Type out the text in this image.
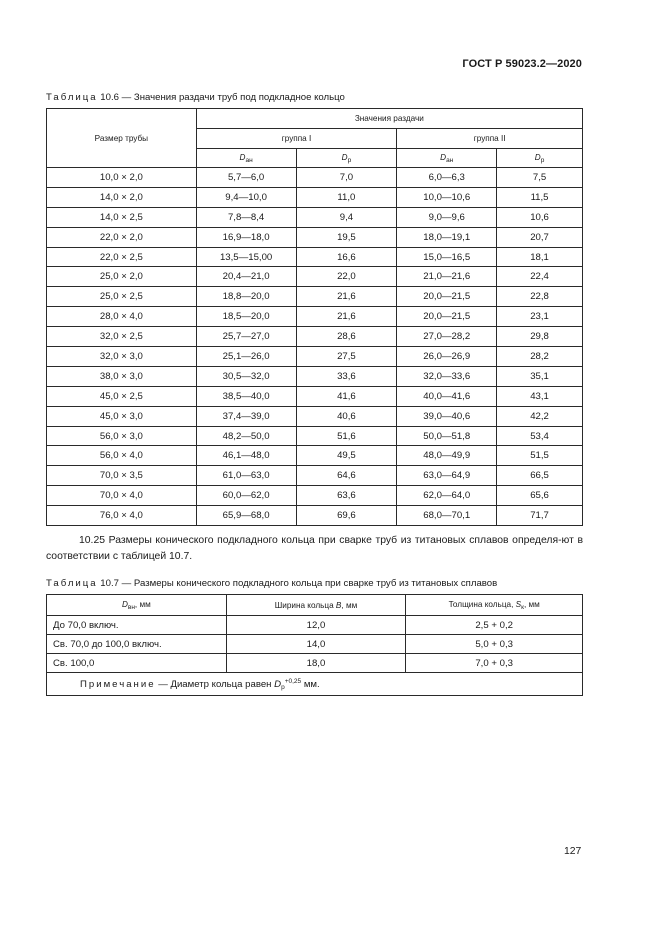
ГОСТ Р 59023.2—2020
Таблица 10.6 — Значения раздачи труб под подкладное кольцо
Размер трубы	Значения раздачи			
	группа I		группа II	
	$D_{ан}$	$D_р$	$D_{ан}$	$D_р$
10,0 × 2,0	5,7—6,0	7,0	6,0—6,3	7,5
14,0 × 2,0	9,4—10,0	11,0	10,0—10,6	11,5
14,0 × 2,5	7,8—8,4	9,4	9,0—9,6	10,6
22,0 × 2,0	16,9—18,0	19,5	18,0—19,1	20,7
22,0 × 2,5	13,5—15,00	16,6	15,0—16,5	18,1
25,0 × 2,0	20,4—21,0	22,0	21,0—21,6	22,4
25,0 × 2,5	18,8—20,0	21,6	20,0—21,5	22,8
28,0 × 4,0	18,5—20,0	21,6	20,0—21,5	23,1
32,0 × 2,5	25,7—27,0	28,6	27,0—28,2	29,8
32,0 × 3,0	25,1—26,0	27,5	26,0—26,9	28,2
38,0 × 3,0	30,5—32,0	33,6	32,0—33,6	35,1
45,0 × 2,5	38,5—40,0	41,6	40,0—41,6	43,1
45,0 × 3,0	37,4—39,0	40,6	39,0—40,6	42,2
56,0 × 3,0	48,2—50,0	51,6	50,0—51,8	53,4
56,0 × 4,0	46,1—48,0	49,5	48,0—49,9	51,5
70,0 × 3,5	61,0—63,0	64,6	63,0—64,9	66,5
70,0 × 4,0	60,0—62,0	63,6	62,0—64,0	65,6
76,0 × 4,0	65,9—68,0	69,6	68,0—70,1	71,7

10.25 Размеры конического подкладного кольца при сварке труб из титановых сплавов определя-ют в соответствии с таблицей 10.7.

Таблица 10.7 — Размеры конического подкладного кольца при сварке труб из титановых сплавов
$D_{вн}$, мм	Ширина кольца B, мм	Толщина кольца, $S_к$, мм
До 70,0 включ.	12,0	2,5 + 0,2
Св. 70,0 до 100,0 включ.	14,0	5,0 + 0,3
Св. 100,0	18,0	7,0 + 0,3
Примечание — Диаметр кольца равен $D_р^{+0,25}$ мм.		
127
